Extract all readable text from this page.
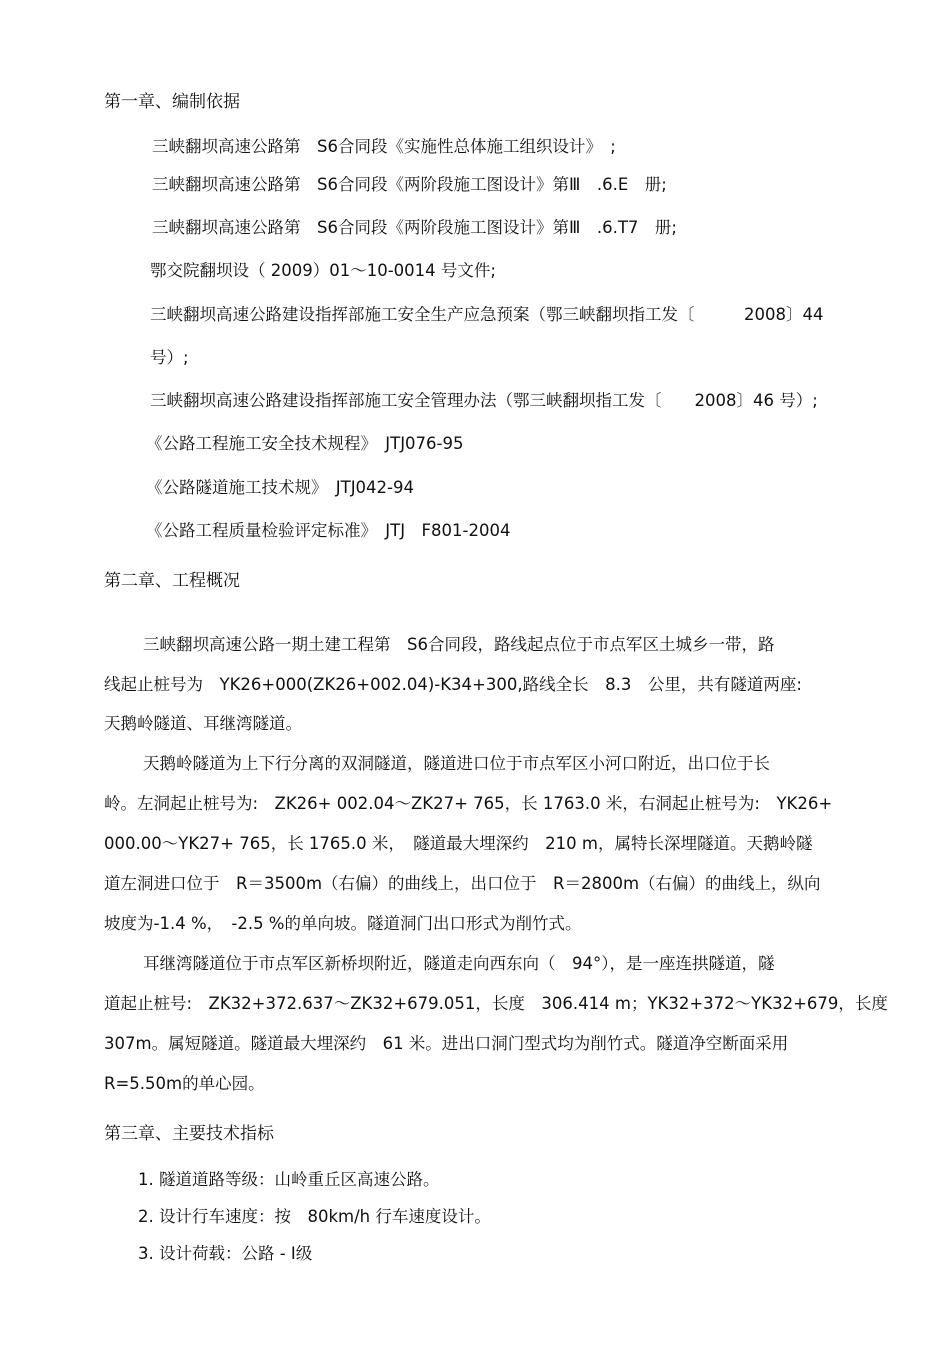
第一章、编制依据
三峡翻坝高速公路第　S6合同段《实施性总体施工组织设计》　;
三峡翻坝高速公路第　S6合同段《两阶段施工图设计》第Ⅲ　.6.E　册;
三峡翻坝高速公路第　S6合同段《两阶段施工图设计》第Ⅲ　.6.T7　册;
鄂交院翻坝设（ 2009）01～10-0014 号文件;
三峡翻坝高速公路建设指挥部施工安全生产应急预案（鄂三峡翻坝指工发〔　　　2008〕44
号）;
三峡翻坝高速公路建设指挥部施工安全管理办法（鄂三峡翻坝指工发〔　　2008〕46 号）;
《公路工程施工安全技术规程》　JTJ076-95
《公路隧道施工技术规》　JTJ042-94
《公路工程质量检验评定标准》　JTJ　F801-2004
第二章、工程概况
三峡翻坝高速公路一期土建工程第　S6合同段，路线起点位于市点军区土城乡一带，路
线起止桩号为　YK26+000(ZK26+002.04)-K34+300,路线全长　8.3　公里，共有隧道两座:
天鹅岭隧道、耳继湾隧道。
天鹅岭隧道为上下行分离的双洞隧道，隧道进口位于市点军区小河口附近，出口位于长
岭。左洞起止桩号为:　ZK26+ 002.04～ZK27+ 765，长 1763.0 米，右洞起止桩号为:　YK26+
000.00～YK27+ 765，长 1765.0 米，　隧道最大埋深约　210 m，属特长深埋隧道。天鹅岭隧
道左洞进口位于　R＝3500m（右偏）的曲线上，出口位于　R＝2800m（右偏）的曲线上，纵向
坡度为-1.4 %，　-2.5 %的单向坡。隧道洞门出口形式为削竹式。
耳继湾隧道位于市点军区新桥坝附近，隧道走向西东向（　94°），是一座连拱隧道，隧
道起止桩号:　ZK32+372.637～ZK32+679.051，长度　306.414 m；YK32+372～YK32+679，长度
307m。属短隧道。隧道最大埋深约　61 米。进出口洞门型式均为削竹式。隧道净空断面采用
R=5.50m的单心园。
第三章、主要技术指标
1. 隧道道路等级：山岭重丘区高速公路。
2. 设计行车速度：按　80km/h 行车速度设计。
3. 设计荷载：公路 - Ⅰ级
